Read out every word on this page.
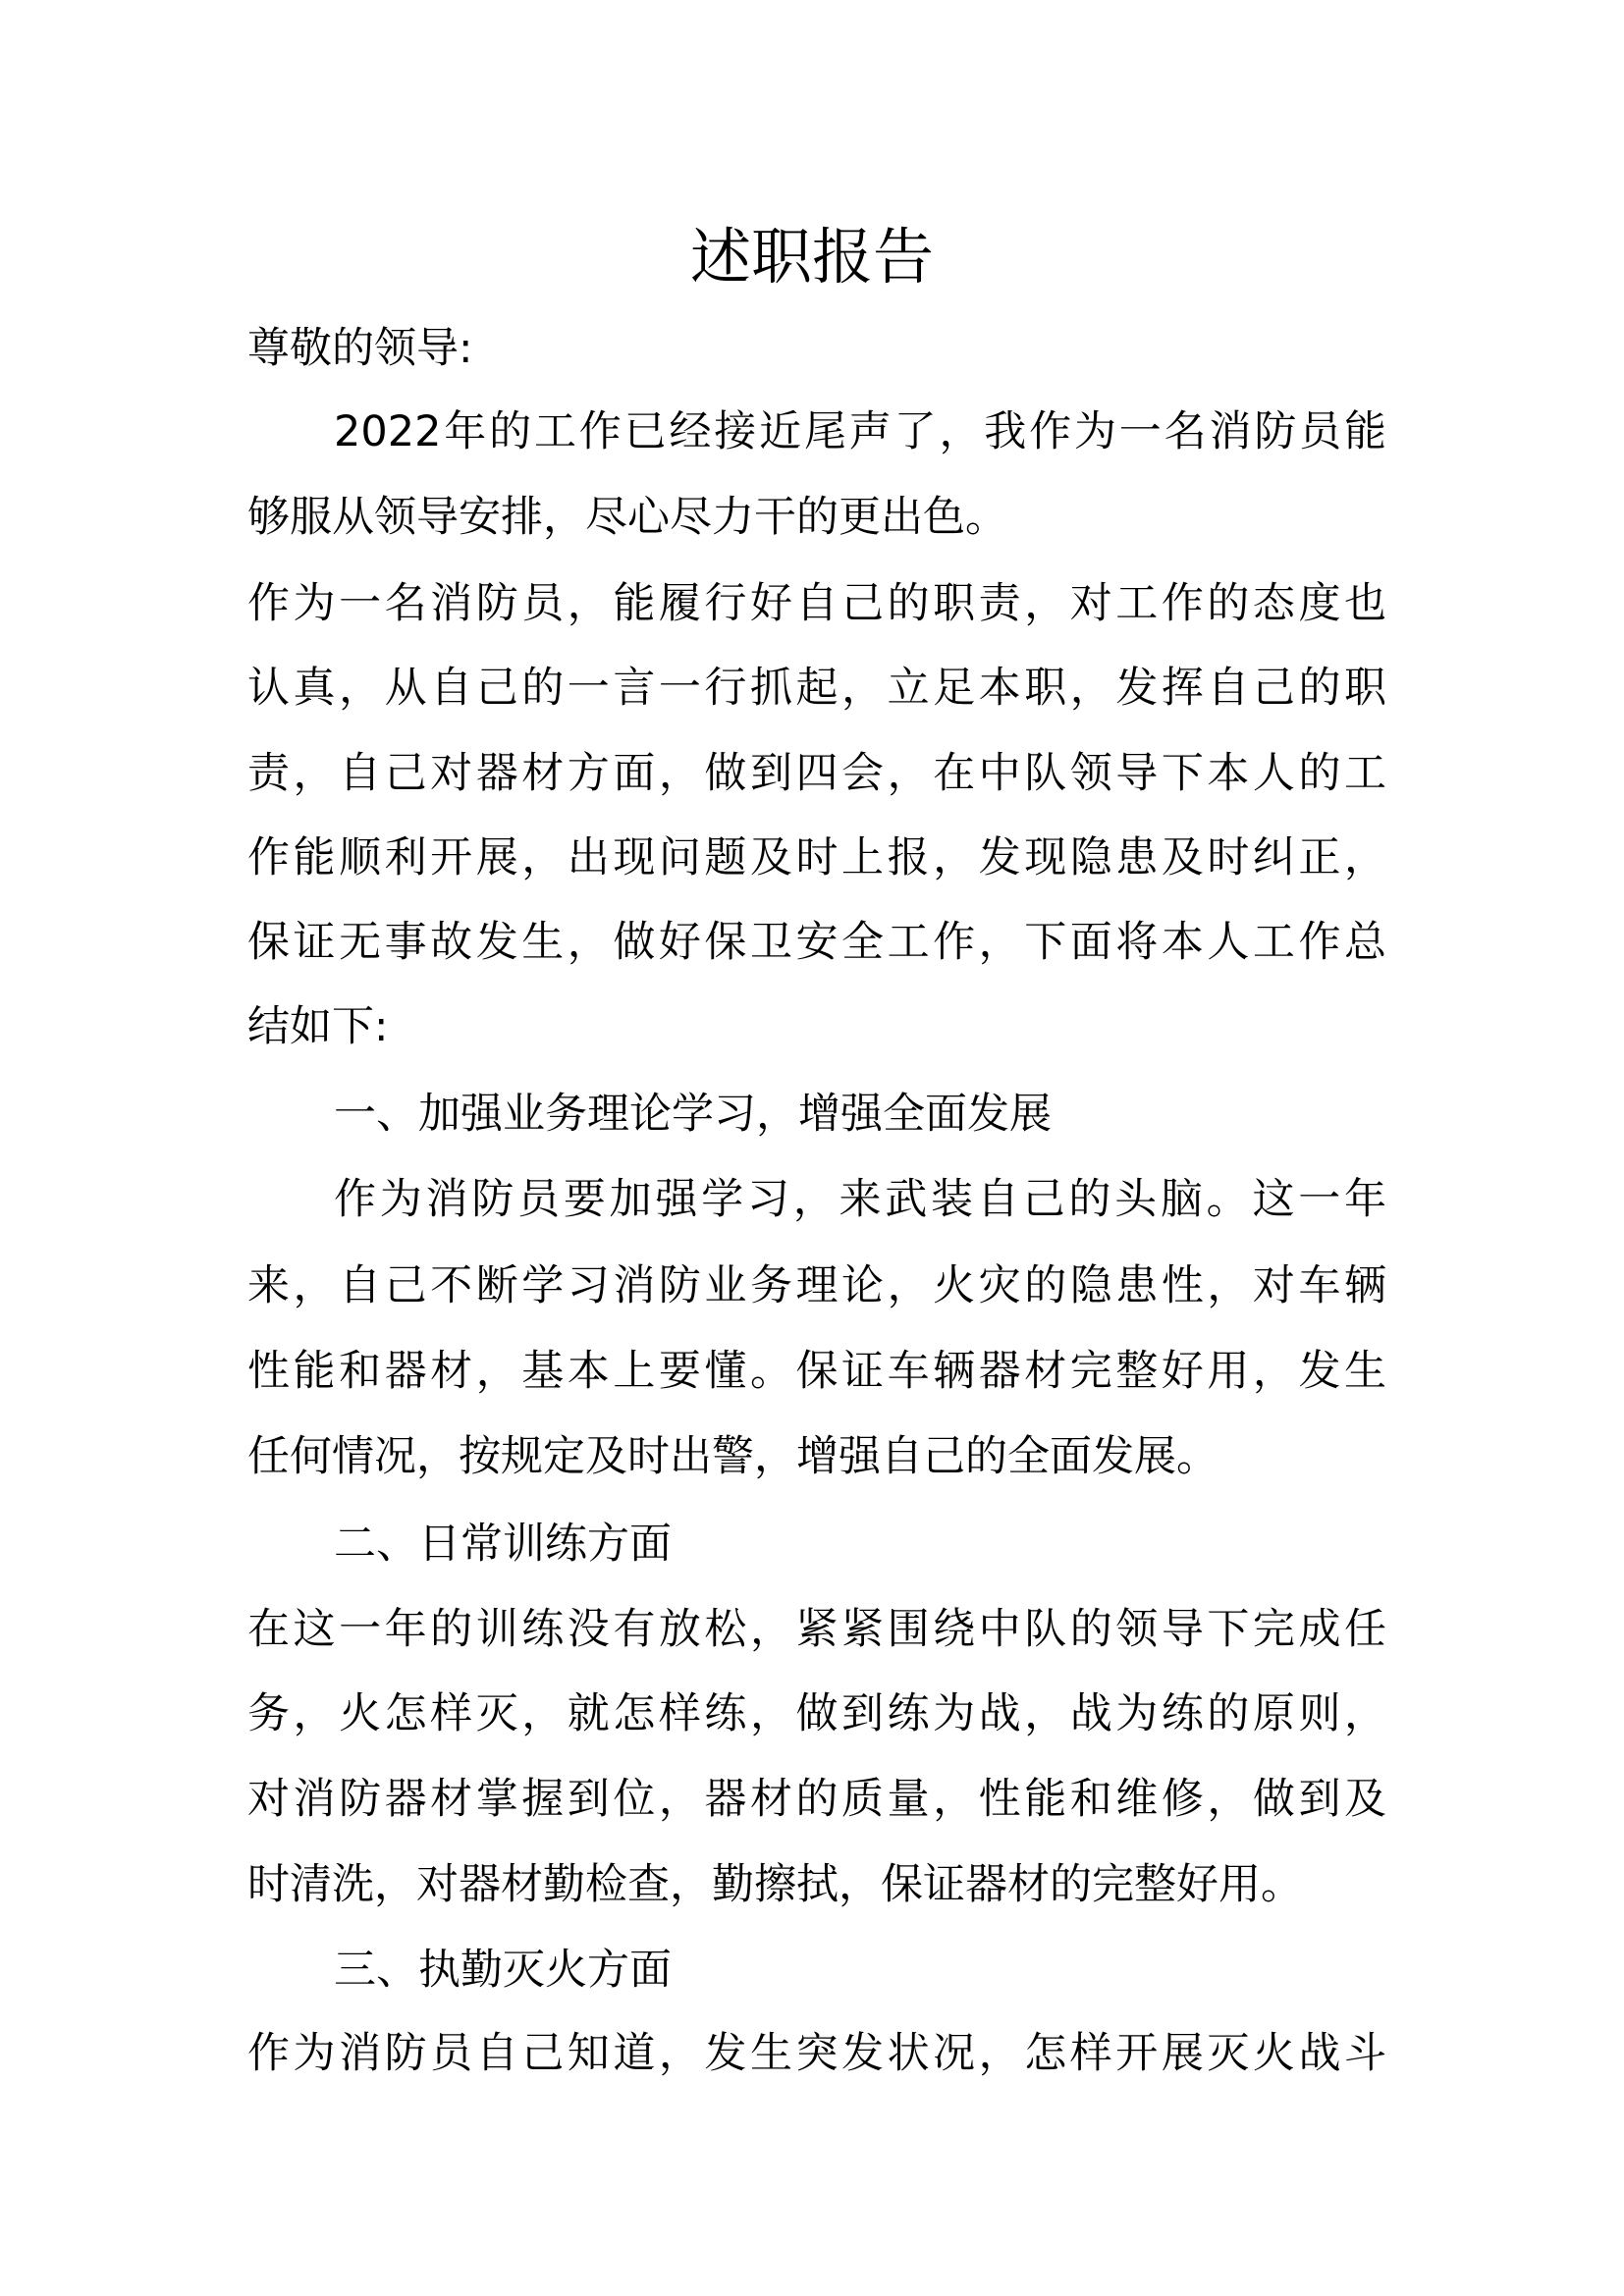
述职报告
尊敬的领导:
2022年的工作已经接近尾声了，我作为一名消防员能
够服从领导安排，尽心尽力干的更出色。
作为一名消防员，能履行好自己的职责，对工作的态度也
认真，从自己的一言一行抓起，立足本职，发挥自己的职
责，自己对器材方面，做到四会，在中队领导下本人的工
作能顺利开展，出现问题及时上报，发现隐患及时纠正，
保证无事故发生，做好保卫安全工作，下面将本人工作总
结如下:
一、加强业务理论学习，增强全面发展
作为消防员要加强学习，来武装自己的头脑。这一年
来，自己不断学习消防业务理论，火灾的隐患性，对车辆
性能和器材，基本上要懂。保证车辆器材完整好用，发生
任何情况，按规定及时出警，增强自己的全面发展。
二、日常训练方面
在这一年的训练没有放松，紧紧围绕中队的领导下完成任
务，火怎样灭，就怎样练，做到练为战，战为练的原则，
对消防器材掌握到位，器材的质量，性能和维修，做到及
时清洗，对器材勤检查，勤擦拭，保证器材的完整好用。
三、执勤灭火方面
作为消防员自己知道，发生突发状况，怎样开展灭火战斗
